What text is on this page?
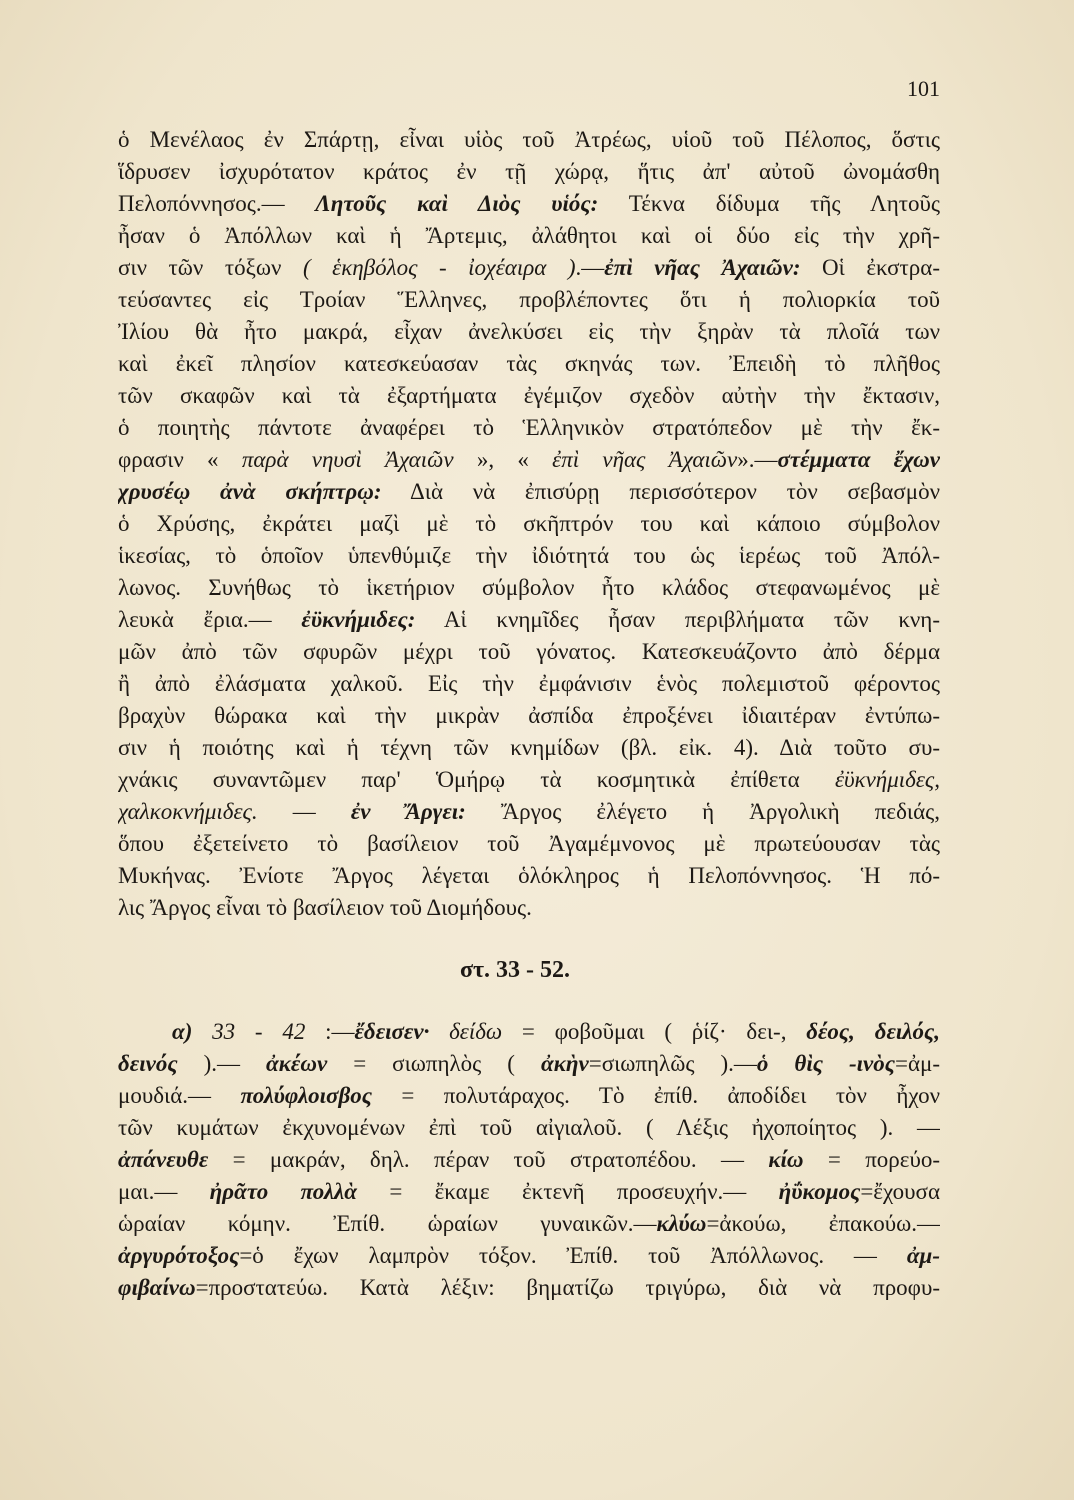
101
ὁ Μενέλαος ἐν Σπάρτῃ, εἶναι υἱὸς τοῦ Ἀτρέως, υἱοῦ τοῦ Πέλοπος, ὅστις
ἵδρυσεν ἰσχυρότατον κράτος ἐν τῇ χώρᾳ, ἥτις ἀπ' αὐτοῦ ὠνομάσθη
Πελοπόννησος.— Λητοῦς καὶ Διὸς υἱός: Τέκνα δίδυμα τῆς Λητοῦς
ἦσαν ὁ Ἀπόλλων καὶ ἡ Ἄρτεμις, ἀλάθητοι καὶ οἱ δύο εἰς τὴν χρῆ-
σιν τῶν τόξων ( ἑκηβόλος - ἰοχέαιρα ).—ἐπὶ νῆας Ἀχαιῶν: Οἱ ἐκστρα-
τεύσαντες εἰς Τροίαν Ἕλληνες, προβλέποντες ὅτι ἡ πολιορκία τοῦ
Ἰλίου θὰ ἦτο μακρά, εἶχαν ἀνελκύσει εἰς τὴν ξηρὰν τὰ πλοῖά των
καὶ ἐκεῖ πλησίον κατεσκεύασαν τὰς σκηνάς των. Ἐπειδὴ τὸ πλῆθος
τῶν σκαφῶν καὶ τὰ ἐξαρτήματα ἐγέμιζον σχεδὸν αὐτὴν τὴν ἔκτασιν,
ὁ ποιητὴς πάντοτε ἀναφέρει τὸ Ἑλληνικὸν στρατόπεδον μὲ τὴν ἔκ-
φρασιν « παρὰ νηυσὶ Ἀχαιῶν », « ἐπὶ νῆας Ἀχαιῶν».—στέμματα ἔχων
χρυσέῳ ἀνὰ σκήπτρῳ: Διὰ νὰ ἐπισύρῃ περισσότερον τὸν σεβασμὸν
ὁ Χρύσης, ἐκράτει μαζὶ μὲ τὸ σκῆπτρόν του καὶ κάποιο σύμβολον
ἱκεσίας, τὸ ὁποῖον ὑπενθύμιζε τὴν ἰδιότητά του ὡς ἱερέως τοῦ Ἀπόλ-
λωνος. Συνήθως τὸ ἱκετήριον σύμβολον ἦτο κλάδος στεφανωμένος μὲ
λευκὰ ἔρια.— ἐϋκνήμιδες: Αἱ κνημῖδες ἦσαν περιβλήματα τῶν κνη-
μῶν ἀπὸ τῶν σφυρῶν μέχρι τοῦ γόνατος. Κατεσκευάζοντο ἀπὸ δέρμα
ἢ ἀπὸ ἐλάσματα χαλκοῦ. Εἰς τὴν ἐμφάνισιν ἑνὸς πολεμιστοῦ φέροντος
βραχὺν θώρακα καὶ τὴν μικρὰν ἀσπίδα ἐπροξένει ἰδιαιτέραν ἐντύπω-
σιν ἡ ποιότης καὶ ἡ τέχνη τῶν κνημίδων (βλ. εἰκ. 4). Διὰ τοῦτο συ-
χνάκις συναντῶμεν παρ' Ὁμήρῳ τὰ κοσμητικὰ ἐπίθετα ἐϋκνήμιδες,
χαλκοκνήμιδες. — ἐν Ἄργει: Ἄργος ἐλέγετο ἡ Ἀργολικὴ πεδιάς,
ὅπου ἐξετείνετο τὸ βασίλειον τοῦ Ἀγαμέμνονος μὲ πρωτεύουσαν τὰς
Μυκήνας. Ἐνίοτε Ἄργος λέγεται ὁλόκληρος ἡ Πελοπόννησος. Ἡ πό-
λις Ἄργος εἶναι τὸ βασίλειον τοῦ Διομήδους.
στ. 33 - 52.
α) 33 - 42 :—ἔδεισεν· δείδω = φοβοῦμαι ( ῥίζ· δει-, δέος, δειλός,
δεινός ).— ἀκέων = σιωπηλὸς ( ἀκὴν=σιωπηλῶς ).—ὁ θὶς -ινὸς=ἀμ-
μουδιά.— πολύφλοισβος = πολυτάραχος. Τὸ ἐπίθ. ἀποδίδει τὸν ἦχον
τῶν κυμάτων ἐκχυνομένων ἐπὶ τοῦ αἰγιαλοῦ. ( Λέξις ἠχοποίητος ). —
ἀπάνευθε = μακράν, δηλ. πέραν τοῦ στρατοπέδου. — κίω = πορεύο-
μαι.— ἠρᾶτο πολλὰ = ἔκαμε ἐκτενῆ προσευχήν.— ἠΰκομος=ἔχουσα
ὡραίαν κόμην. Ἐπίθ. ὡραίων γυναικῶν.—κλύω=ἀκούω, ἐπακούω.—
ἀργυρότοξος=ὁ ἔχων λαμπρὸν τόξον. Ἐπίθ. τοῦ Ἀπόλλωνος. — ἀμ-
φιβαίνω=προστατεύω. Κατὰ λέξιν: βηματίζω τριγύρω, διὰ νὰ προφυ-
